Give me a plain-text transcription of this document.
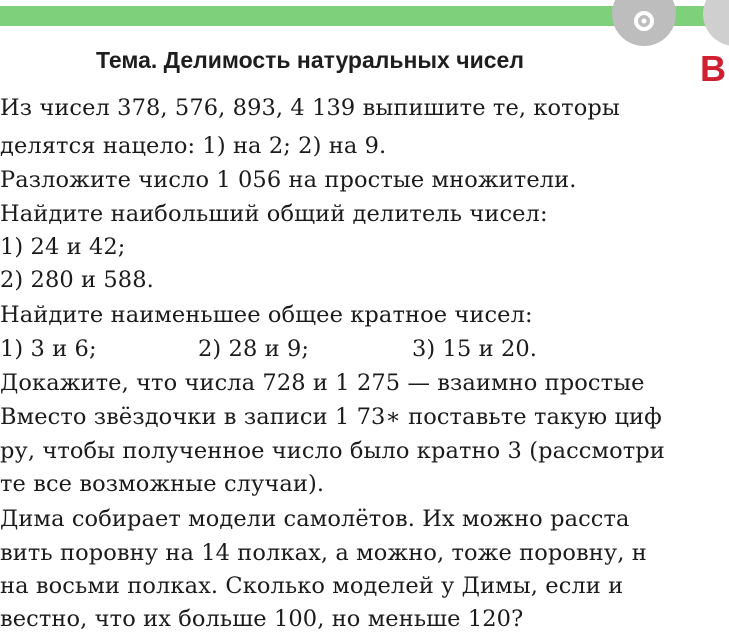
Тема. Делимость натуральных чисел	В
Из чисел 378, 576, 893, 4 139 выпишите те, которы
делятся нацело: 1) на 2; 2) на 9.
Разложите число 1 056 на простые множители.
Найдите наибольший общий делитель чисел:
1) 24 и 42;
2) 280 и 588.
Найдите наименьшее общее кратное чисел:
1) 3 и 6;	2) 28 и 9;	3) 15 и 20.
Докажите, что числа 728 и 1 275 — взаимно простые
Вместо звёздочки в записи 1 73∗ поставьте такую циф
ру, чтобы полученное число было кратно 3 (рассмотри
те все возможные случаи).
Дима собирает модели самолётов. Их можно расста
вить поровну на 14 полках, а можно, тоже поровну, н
на восьми полках. Сколько моделей у Димы, если и
вестно, что их больше 100, но меньше 120?
